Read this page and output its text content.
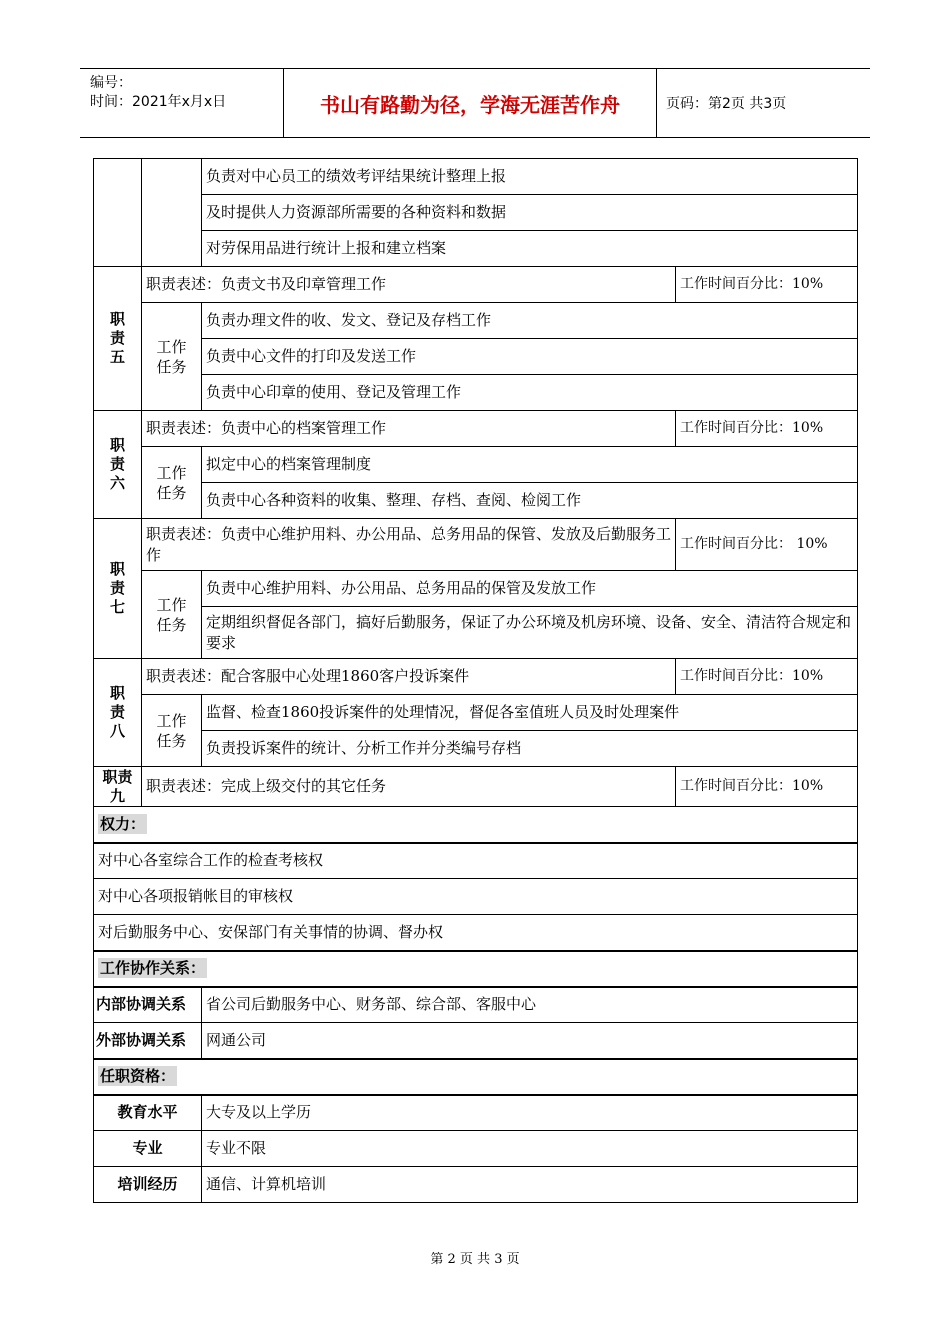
编号：
时间：2021年x月x日	书山有路勤为径，学海无涯苦作舟	页码：第2页 共3页
		负责对中心员工的绩效考评结果统计整理上报	
		及时提供人力资源部所需要的各种资料和数据	
		对劳保用品进行统计上报和建立档案	
职责五	职责表述：负责文书及印章管理工作		工作时间百分比：10%
	工作任务	负责办理文件的收、发文、登记及存档工作	
		负责中心文件的打印及发送工作	
		负责中心印章的使用、登记及管理工作	
职责六	职责表述：负责中心的档案管理工作		工作时间百分比：10%
	工作任务	拟定中心的档案管理制度	
		负责中心各种资料的收集、整理、存档、查阅、检阅工作	
职责七	职责表述：负责中心维护用料、办公用品、总务用品的保管、发放及后勤服务工作		工作时间百分比： 10%
	工作任务	负责中心维护用料、办公用品、总务用品的保管及发放工作	
		定期组织督促各部门，搞好后勤服务，保证了办公环境及机房环境、设备、安全、清洁符合规定和要求	
职责八	职责表述：配合客服中心处理1860客户投诉案件		工作时间百分比：10%
	工作任务	监督、检查1860投诉案件的处理情况，督促各室值班人员及时处理案件	
		负责投诉案件的统计、分析工作并分类编号存档	
职责九	职责表述：完成上级交付的其它任务		工作时间百分比：10%
权力：			
对中心各室综合工作的检查考核权			
对中心各项报销帐目的审核权			
对后勤服务中心、安保部门有关事情的协调、督办权			
工作协作关系：			
内部协调关系		省公司后勤服务中心、财务部、综合部、客服中心	
外部协调关系		网通公司	
任职资格：			
教育水平		大专及以上学历	
专业		专业不限	
培训经历		通信、计算机培训	
第 2 页 共 3 页
